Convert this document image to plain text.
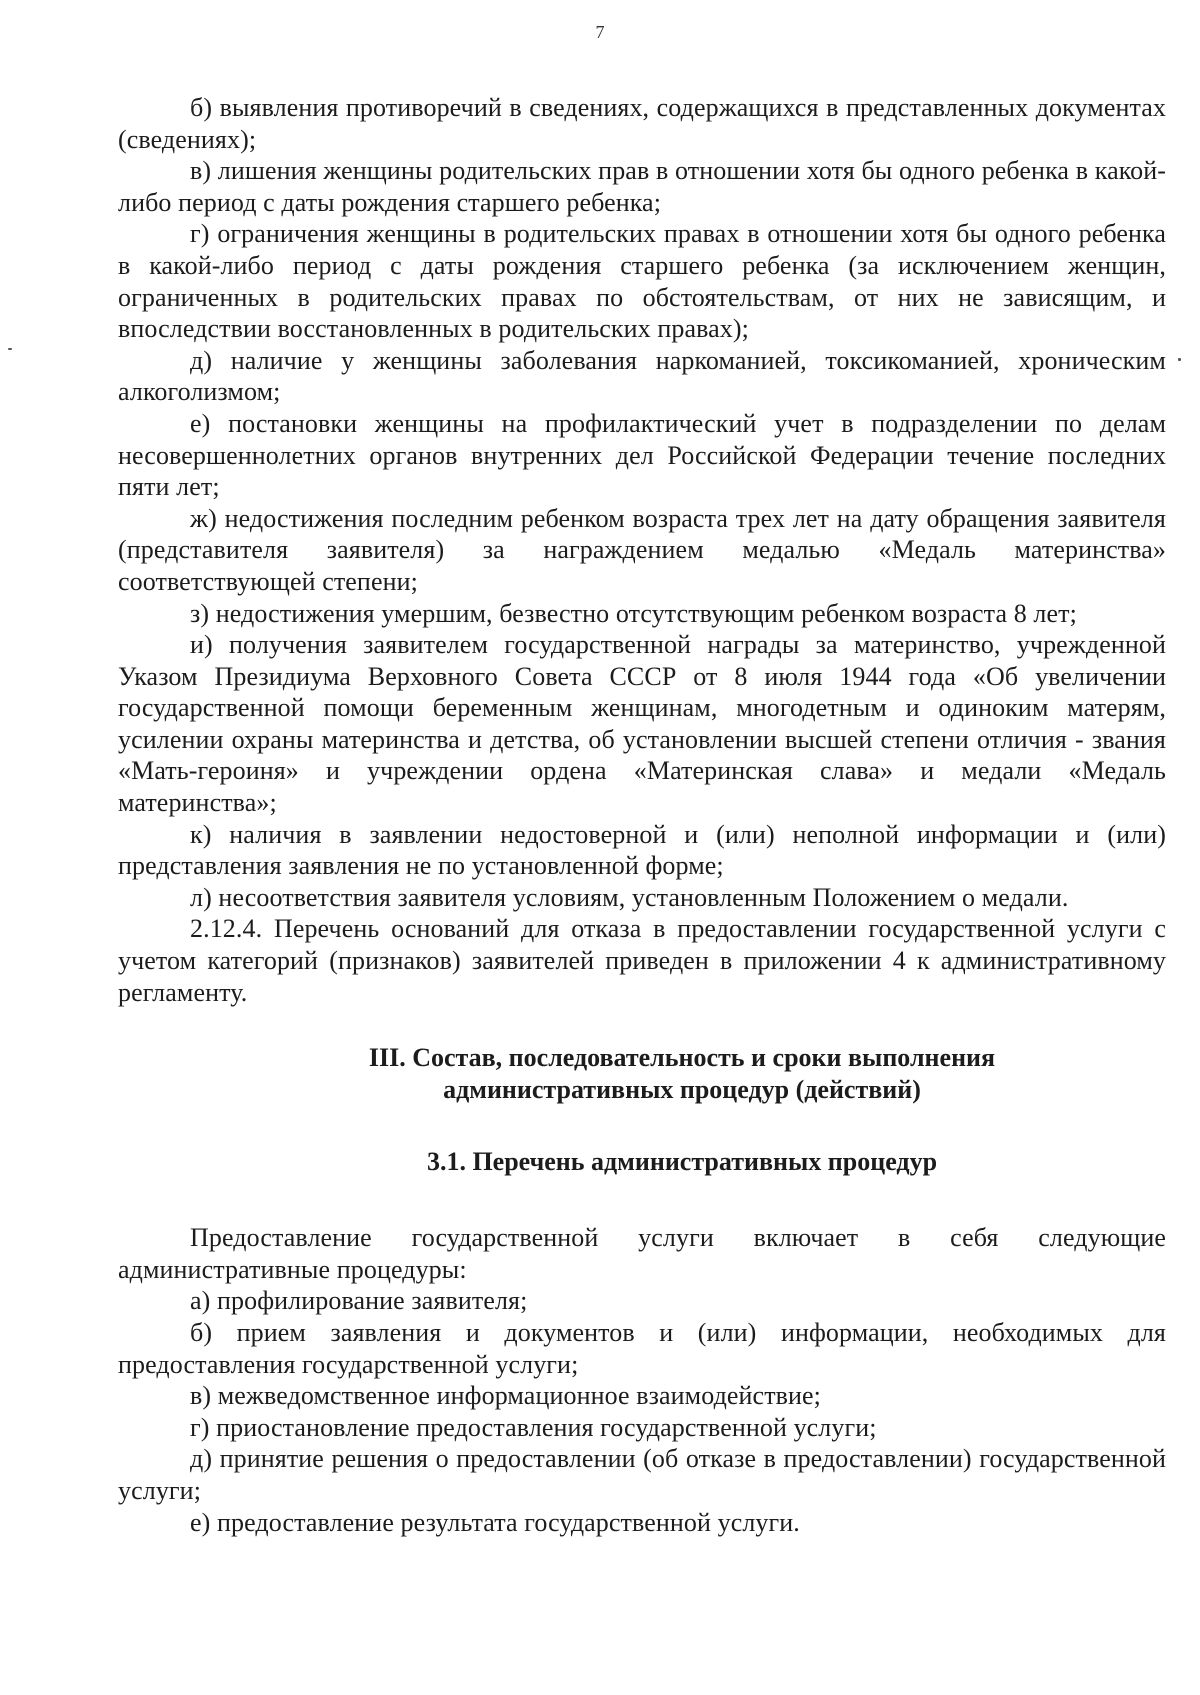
7

б) выявления противоречий в сведениях, содержащихся в представленных документах (сведениях);

в) лишения женщины родительских прав в отношении хотя бы одного ребенка в какой-либо период с даты рождения старшего ребенка;

г) ограничения женщины в родительских правах в отношении хотя бы одного ребенка в какой-либо период с даты рождения старшего ребенка (за исключением женщин, ограниченных в родительских правах по обстоятельствам, от них не зависящим, и впоследствии восстановленных в родительских правах);

д) наличие у женщины заболевания наркоманией, токсикоманией, хроническим алкоголизмом;

е) постановки женщины на профилактический учет в подразделении по делам несовершеннолетних органов внутренних дел Российской Федерации течение последних пяти лет;

ж) недостижения последним ребенком возраста трех лет на дату обращения заявителя (представителя заявителя) за награждением медалью «Медаль материнства» соответствующей степени;

з) недостижения умершим, безвестно отсутствующим ребенком возраста 8 лет;

и) получения заявителем государственной награды за материнство, учрежденной Указом Президиума Верховного Совета СССР от 8 июля 1944 года «Об увеличении государственной помощи беременным женщинам, многодетным и одиноким матерям, усилении охраны материнства и детства, об установлении высшей степени отличия - звания «Мать-героиня» и учреждении ордена «Материнская слава» и медали «Медаль материнства»;

к) наличия в заявлении недостоверной и (или) неполной информации и (или) представления заявления не по установленной форме;

л) несоответствия заявителя условиям, установленным Положением о медали.

2.12.4. Перечень оснований для отказа в предоставлении государственной услуги с учетом категорий (признаков) заявителей приведен в приложении 4 к административному регламенту.

III. Состав, последовательность и сроки выполнения

административных процедур (действий)

3.1. Перечень административных процедур

Предоставление государственной услуги включает в себя следующие административные процедуры:

а) профилирование заявителя;

б) прием заявления и документов и (или) информации, необходимых для предоставления государственной услуги;

в) межведомственное информационное взаимодействие;

г) приостановление предоставления государственной услуги;

д) принятие решения о предоставлении (об отказе в предоставлении) государственной услуги;

е) предоставление результата государственной услуги.
